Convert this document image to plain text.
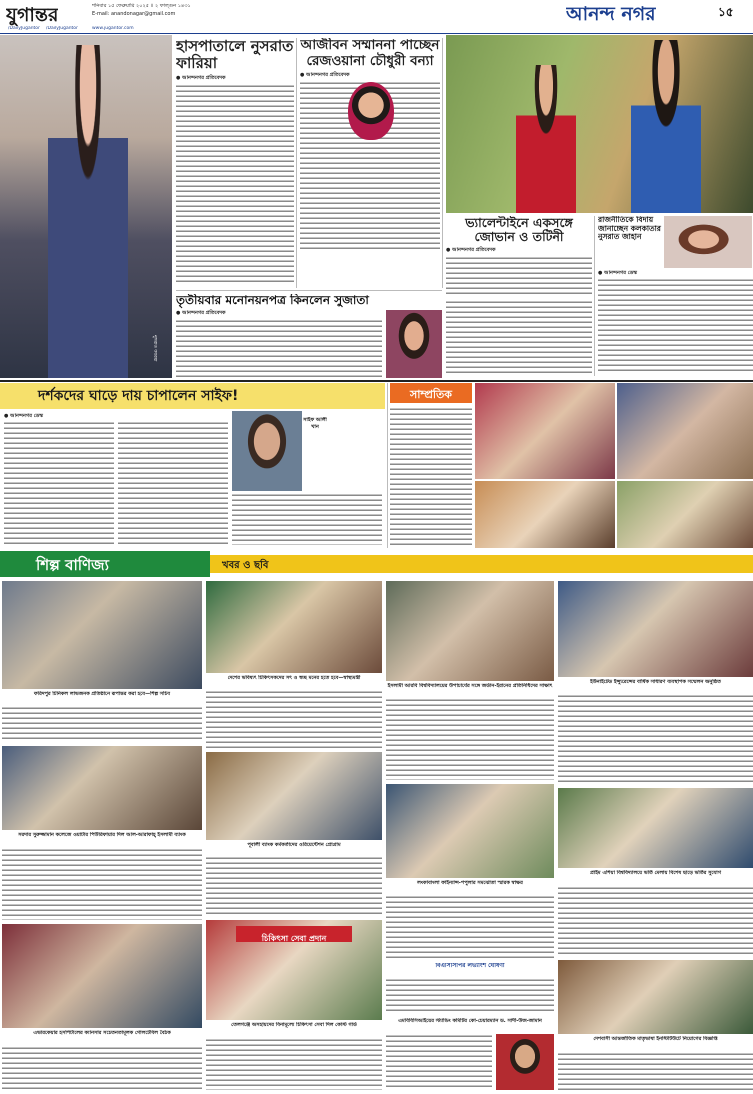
যুগান্তর	শনিবার ১৫ ফেব্রুয়ারি ২০২৫ ॥ ২ ফাল্গুন ১৪৩১
E-mail: anandonagar@gmail.com	আনন্দ নগর	১৫
/DailyJugantor /DailyJugantor	www.jugantor.com
নুসরাত ফারিয়া
হাসপাতালে নুসরাত ফারিয়া
● আনন্দনগর প্রতিবেদক
আজীবন সম্মাননা পাচ্ছেন রেজওয়ানা চৌধুরী বন্যা
● আনন্দনগর প্রতিবেদক
ভ্যালেন্টাইনে একসঙ্গে জোভান ও তটিনী
● আনন্দনগর প্রতিবেদক
রাজনীতিকে বিদায় জানাচ্ছেন কলকাতার নুসরাত জাহান
● আনন্দনগর ডেস্ক
তৃতীয়বার মনোনয়নপত্র কিনলেন সুজাতা
● আনন্দনগর প্রতিবেদক
দর্শকদের ঘাড়ে দায় চাপালেন সাইফ!
● আনন্দনগর ডেস্ক
সাইফ আলী খান
সাম্প্রতিক
শিল্প বাণিজ্য	খবর ও ছবি
ফরিদপুর চিনিকল লাভজনক প্রতিষ্ঠানে রূপান্তর করা হবে—শিল্প সচিব
সরদার সুরুজ্জামান কলেজে ওয়াটার পিউরিফায়ার দিল আল-আরাফাহ্ ইসলামী ব্যাংক
এভারকেয়ার হসপিটালের ক্যানসার সচেতনতামূলক গোলটেবিল বৈঠক
দেশের ভবিষ্যৎ চিকিৎসকদের সৎ ও স্বচ্ছ মনের হতে হবে—স্বাস্থ্যমন্ত্রী
পূবালী ব্যাংক কর্মকর্তাদের ওরিয়েন্টেশন প্রোগ্রাম
চিকিৎসা সেবা প্রদান
তেলগঞ্জে অসহায়দের বিনামূল্যে চিকিৎসা সেবা দিল কোস্ট গার্ড
ইসলামী আরবি বিশ্ববিদ্যালয়ের উপাচার্যের সঙ্গে জর্ডান-ইরানের প্রতিনিধিদের সাক্ষাৎ
লংকাবাংলা ফাইন্যান্স-পপুলার সমঝোতা স্মারক স্বাক্ষর
বিএসিসিপির লভ্যাংশ ঘোষণা
এমবিবিসিআইয়ের স্ট্যান্ডিং কমিটির কো-চেয়ারম্যান ড. সাদী-উজ-জামান
ইউনাইটেড ইন্স্যুরেন্সের বার্ষিক সাধারণ ব্যবস্থাপক সম্মেলন অনুষ্ঠিত
প্রাইম এশিয়া বিশ্ববিদ্যালয়ে ভর্তি মেলায় বিশেষ ছাড়ে ভর্তির সুযোগ
দেশবাসী আন্তর্জাতিক মাতৃভাষা ইনস্টিটিউটে নিয়োগের বিজ্ঞপ্তি
